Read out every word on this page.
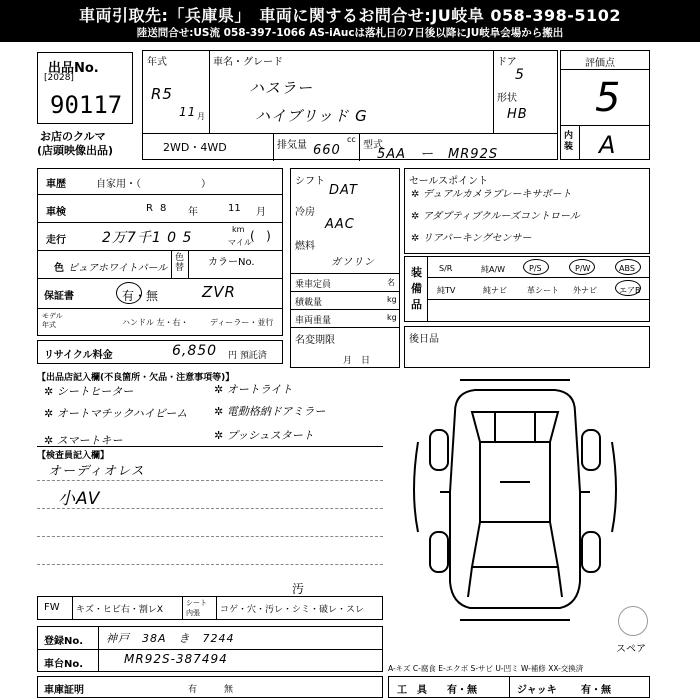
車両引取先:「兵庫県」　車両に関するお問合せ:JU岐阜 058-398-5102
陸送問合せ:US流 058-397-1066 AS-iAucは落札日の7日後以降にJU岐阜会場から搬出
出品No.
[2028]
90117
お店のクルマ
(店頭映像出品)
年式
R5
11 月
車名・グレード
ハスラー
ハイブリッド G
ドア
5
形状
HB
2WD・4WD	排気量
cc
660 型式
5AA　ー　MR92S
評価点
5
内装 A
車歴	自家用・（　　　　　　）
車検	R 8 年	11 月
走行	2万7千1 0 5
km
マイル
(   )
色 ピュアホワイトパール
色替 カラーNo.
保証書	有・無	ZVR
モデル年式	ハンドル 左・右・	ディーラー・並行
リサイクル料金	6,850 円 預託済
シフト
DAT
冷房
AAC
燃料
ガソリン
乗車定員	名
積載量	kg
車両重量	kg
名変期限
月　日
セールスポイント
✲ デュアルカメラブレーキサポート
✲ アダプティブクルーズコントロール
✲ リアパーキングセンサー
装備品
S/R	純A/W	P/S	P/W	ABS
純TV	純ナビ	革シート 外ナビ	エアB
後日品
【出品店記入欄(不良箇所・欠品・注意事項等)】
✲ シートヒーター
✲ オートマチックハイビーム
✲ スマートキー
✲ オートライト
✲ 電動格納ドアミラー
✲ プッシュスタート
【検査員記入欄】
オーディオレス
小AV
汚
スペア
FW キズ・ヒビ右・割レX
シート
内張 コゲ・穴・汚レ・シミ・破レ・スレ
登録No. 神戸　38A　き　7244
車台No.	MR92S-387494
A-キズ C-腐食 E-エクボ S-サビ U-凹ミ W-補修 XX-交換済
車庫証明	有　　　無	工　具 有・無	ジャッキ 有・無
